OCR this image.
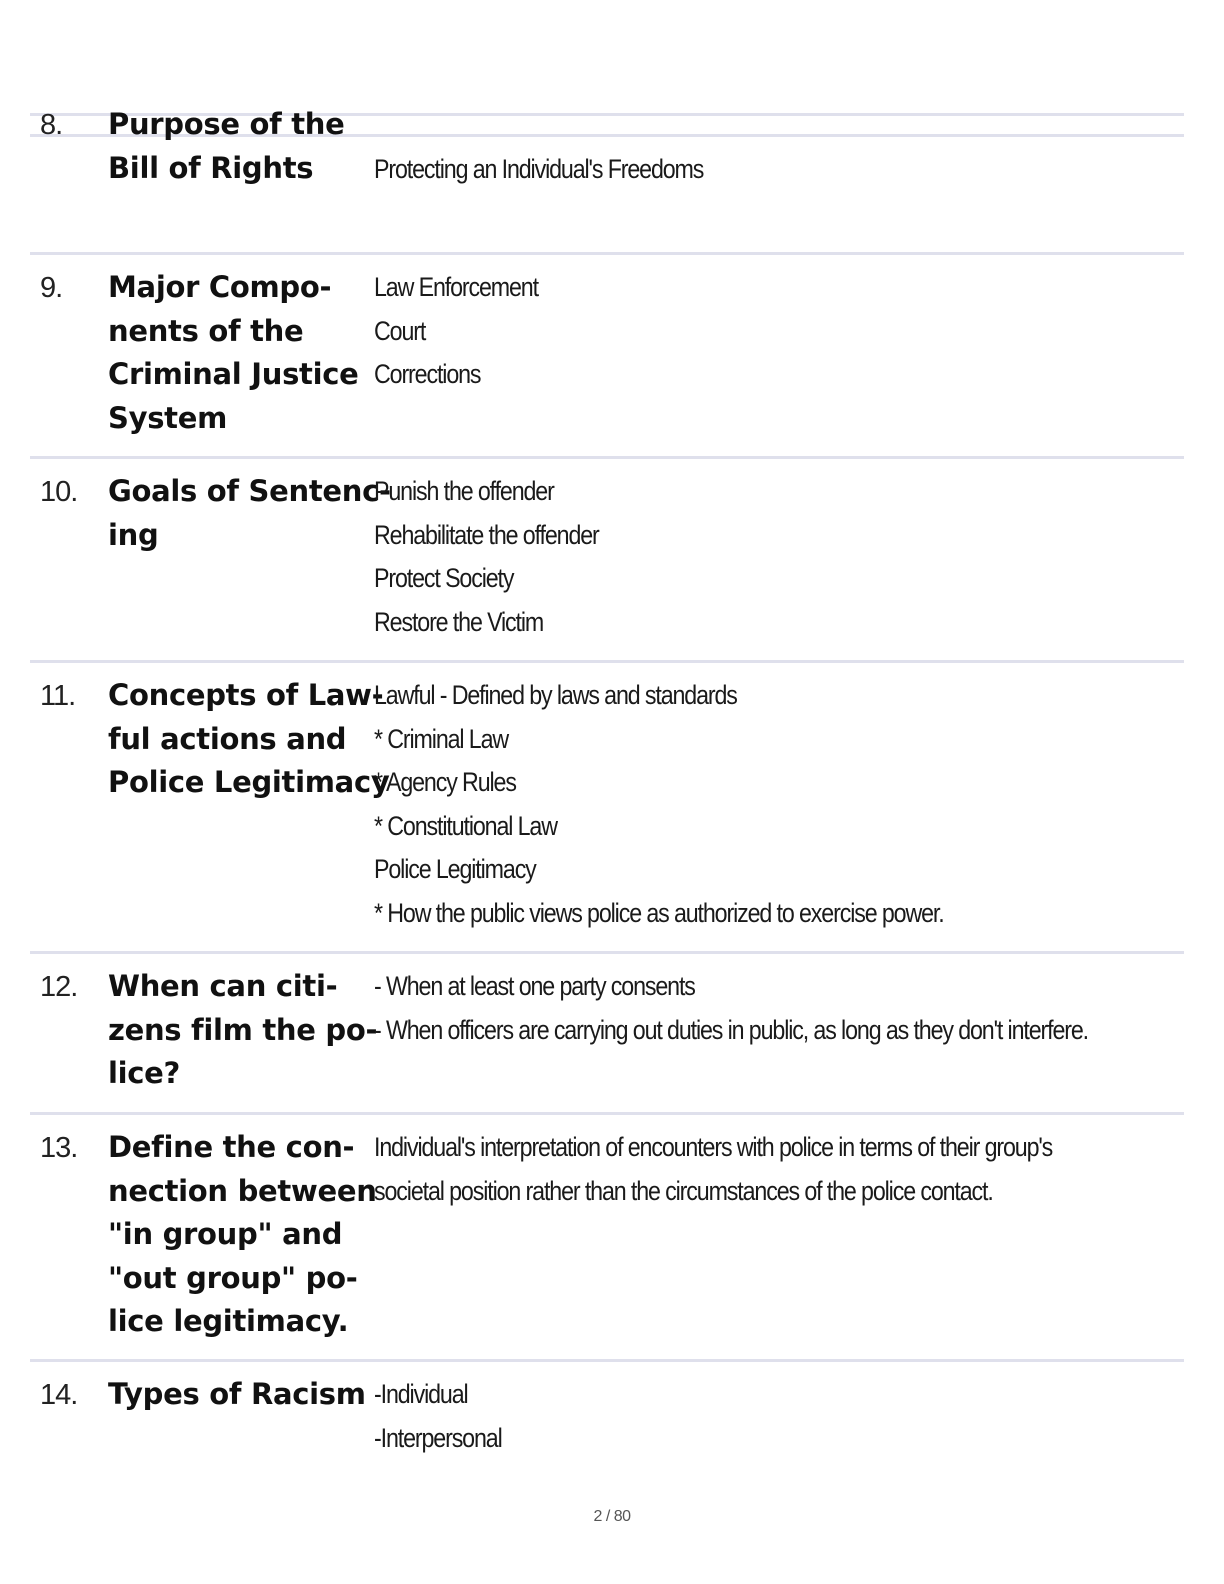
8. Purpose of the
Bill of Rights	Protecting an Individual's Freedoms
9. Major Compo-
nents of the
Criminal Justice
System
Law Enforcement
Court
Corrections
10. Goals of Sentenc-
ing
Punish the offender
Rehabilitate the offender
Protect Society
Restore the Victim
11. Concepts of Law-
ful actions and
Police Legitimacy
Lawful - Defined by laws and standards
* Criminal Law
* Agency Rules
* Constitutional Law
Police Legitimacy
* How the public views police as authorized to exercise power.
12. When can citi-
zens film the po-
lice?
- When at least one party consents
- When officers are carrying out duties in public, as long as they don't interfere.
13. Define the con-
nection between
"in group" and
"out group" po-
lice legitimacy.
Individual's interpretation of encounters with police in terms of their group's
societal position rather than the circumstances of the police contact.
14. Types of Racism -Individual
-Interpersonal
2 / 80
